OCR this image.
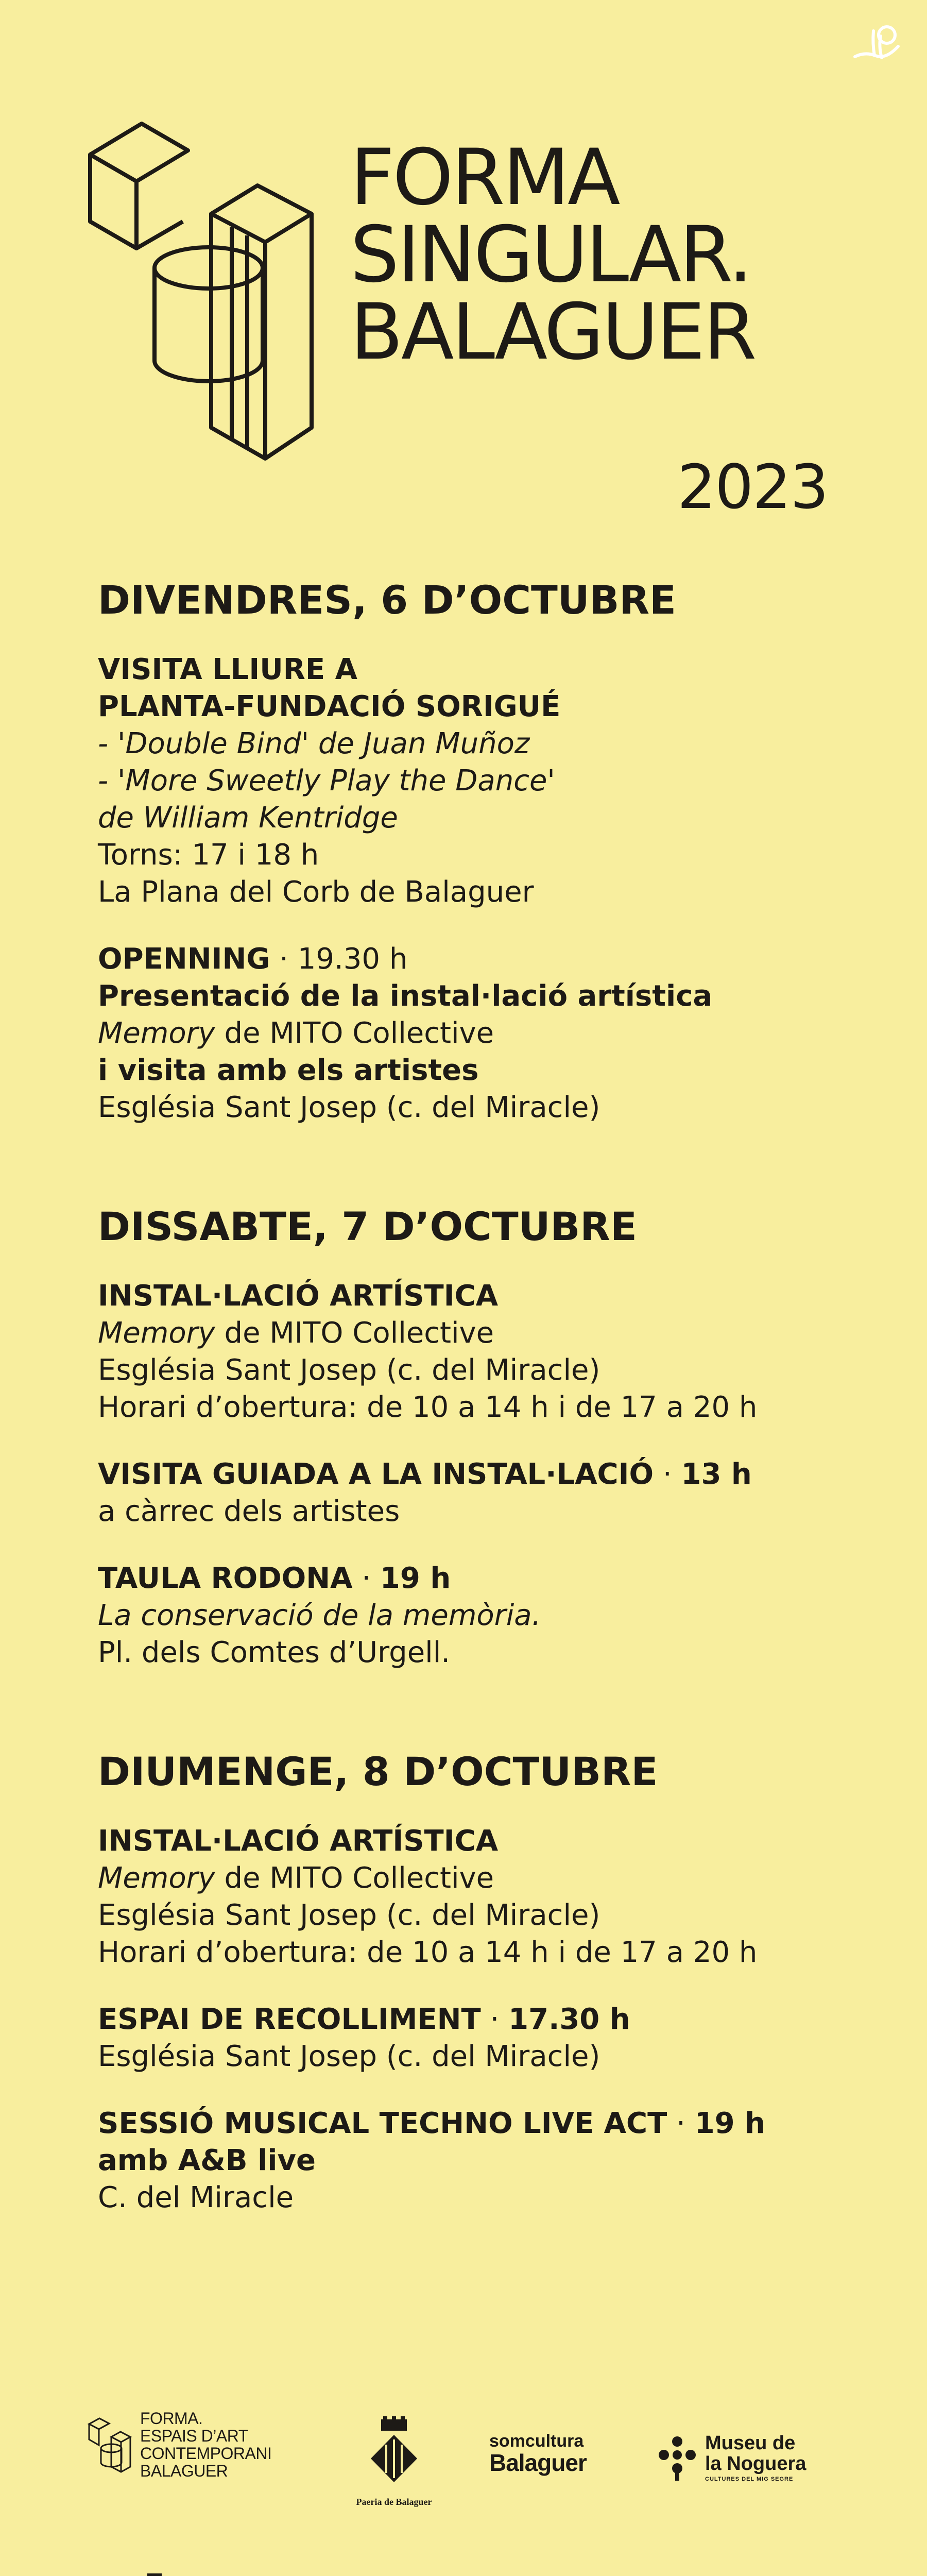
FORMA
SINGULAR.
BALAGUER
2023
DIVENDRES, 6 D’OCTUBRE
VISITA LLIURE A
PLANTA-FUNDACIÓ SORIGUÉ
- 'Double Bind' de Juan Muñoz
- 'More Sweetly Play the Dance'
de William Kentridge
Torns: 17 i 18 h
La Plana del Corb de Balaguer
OPENNING · 19.30 h
Presentació de la instal·lació artística
Memory de MITO Collective
i visita amb els artistes
Església Sant Josep (c. del Miracle)
DISSABTE, 7 D’OCTUBRE
INSTAL·LACIÓ ARTÍSTICA
Memory de MITO Collective
Església Sant Josep (c. del Miracle)
Horari d’obertura: de 10 a 14 h i de 17 a 20 h
VISITA GUIADA A LA INSTAL·LACIÓ · 13 h
a càrrec dels artistes
TAULA RODONA · 19 h
La conservació de la memòria.
Pl. dels Comtes d’Urgell.
DIUMENGE, 8 D’OCTUBRE
INSTAL·LACIÓ ARTÍSTICA
Memory de MITO Collective
Església Sant Josep (c. del Miracle)
Horari d’obertura: de 10 a 14 h i de 17 a 20 h
ESPAI DE RECOLLIMENT · 17.30 h
Església Sant Josep (c. del Miracle)
SESSIÓ MUSICAL TECHNO LIVE ACT · 19 h
amb A&B live
C. del Miracle
FORMA.
ESPAIS D’ART
CONTEMPORANI
BALAGUER
Paeria de Balaguer
somcultura
Balaguer
Museu de
la Noguera
CULTURES DEL MIG SEGRE
